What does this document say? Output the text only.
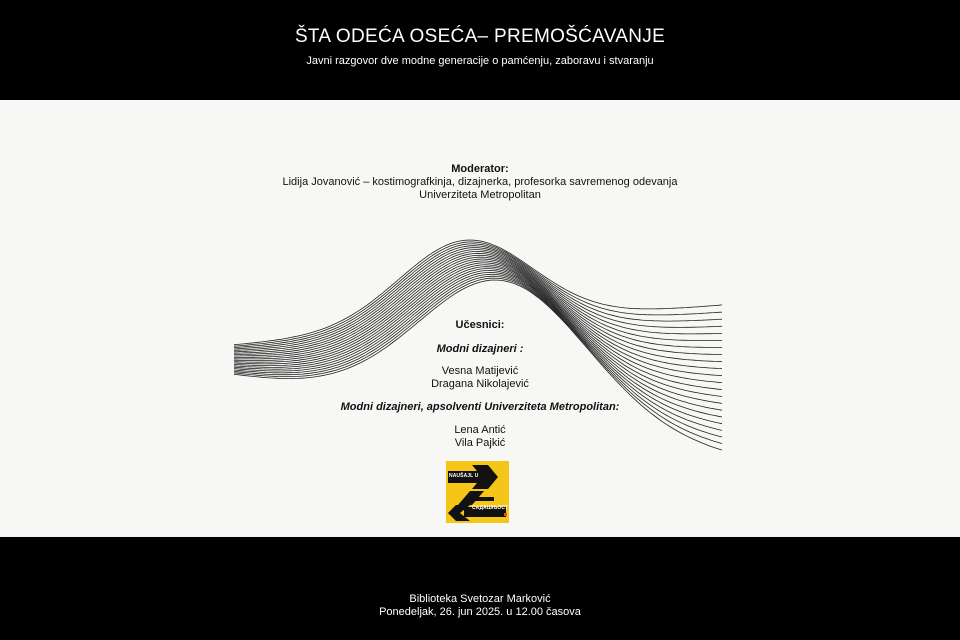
ŠTA ODEĆA OSEĆA– PREMOŠĆAVANJE
Javni razgovor dve modne generacije o pamćenju, zaboravu i stvaranju
Moderator:
Lidija Jovanović – kostimografkinja, dizajnerka, profesorka savremenog odevanja
Univerziteta Metropolitan
Učesnici:
Modni dizajneri :
Vesna Matijević
Dragana Nikolajević
Modni dizajneri, apsolventi Univerziteta Metropolitan:
Lena Antić
Vila Pajkić
NAUŠAJL U
САДАШЊОСТ
Biblioteka Svetozar Marković
Ponedeljak, 26. jun 2025. u 12.00 časova
